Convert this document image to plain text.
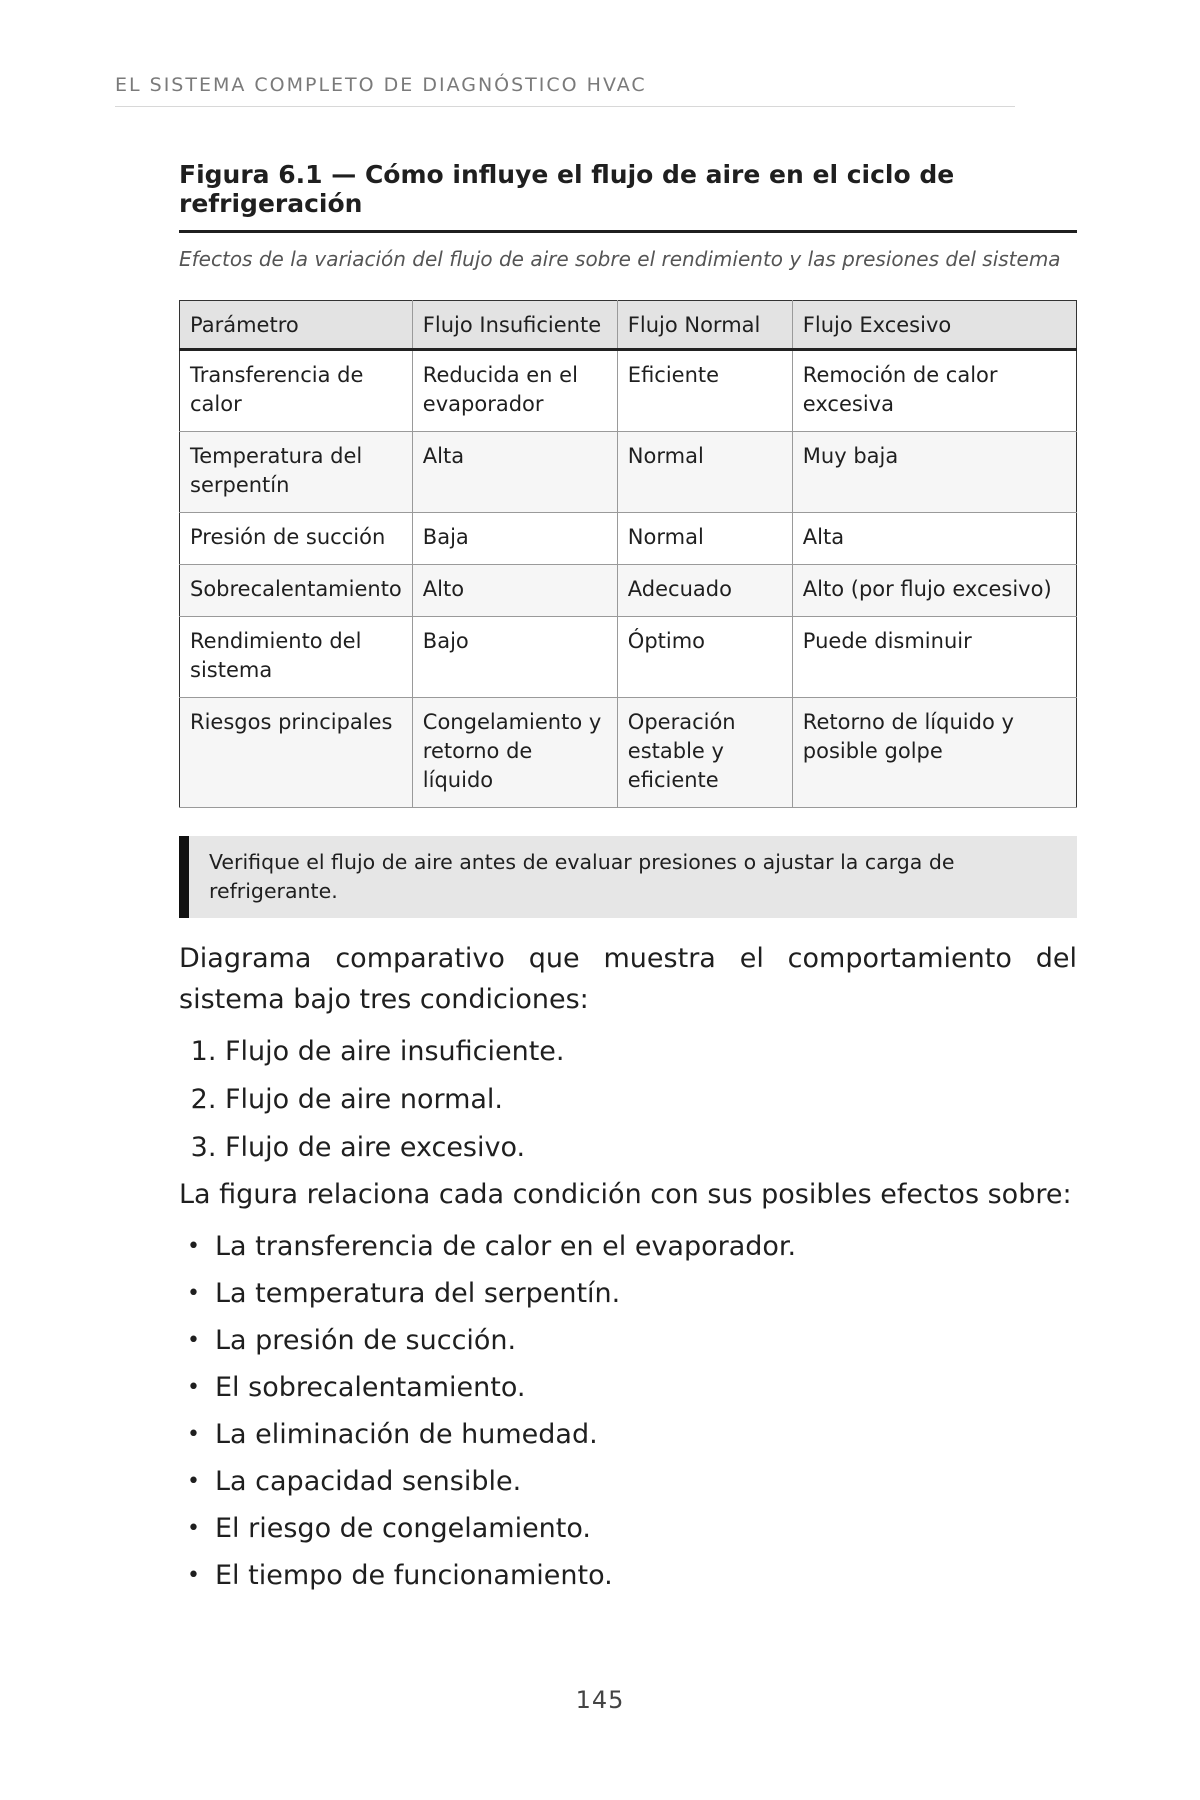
EL SISTEMA COMPLETO DE DIAGNÓSTICO HVAC
Figura 6.1 — Cómo influye el flujo de aire en el ciclo de refrigeración

Efectos de la variación del flujo de aire sobre el rendimiento y las presiones del sistema

Parámetro	Flujo Insuficiente	Flujo Normal	Flujo Excesivo
Transferencia de calor	Reducida en el evaporador	Eficiente	Remoción de calor excesiva
Temperatura del serpentín	Alta	Normal	Muy baja
Presión de succión	Baja	Normal	Alta
Sobrecalentamiento	Alto	Adecuado	Alto (por flujo excesivo)
Rendimiento del sistema	Bajo	Óptimo	Puede disminuir
Riesgos principales	Congelamiento y retorno de líquido	Operación estable y eficiente	Retorno de líquido y posible golpe
Verifique el flujo de aire antes de evaluar presiones o ajustar la carga de refrigerante.

Diagrama comparativo que muestra el comportamiento del sistema bajo tres condiciones:

1. Flujo de aire insuficiente.
2. Flujo de aire normal.
3. Flujo de aire excesivo.

La figura relaciona cada condición con sus posibles efectos sobre:

• La transferencia de calor en el evaporador.
• La temperatura del serpentín.
• La presión de succión.
• El sobrecalentamiento.
• La eliminación de humedad.
• La capacidad sensible.
• El riesgo de congelamiento.
• El tiempo de funcionamiento.
145
